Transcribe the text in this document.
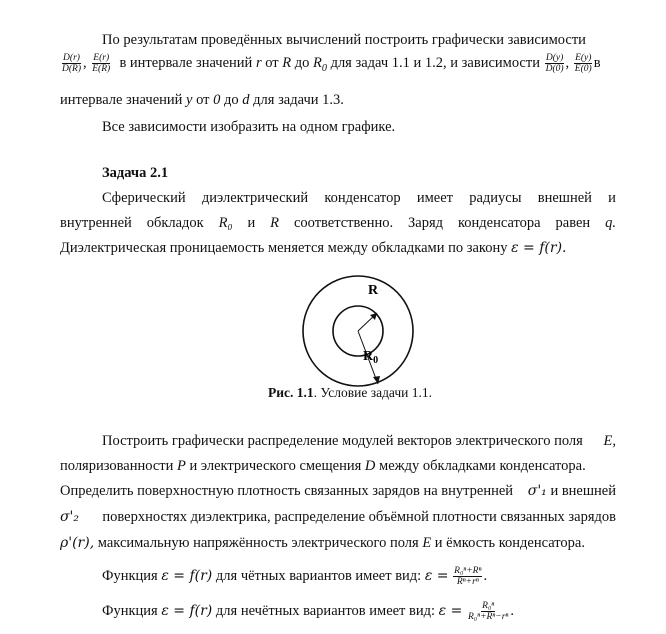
По результатам проведённых вычислений построить графически зависимости
$\frac{D(r)}{D(R)}$ , $\frac{E(r)}{E(R)}$ в интервале значений r от R до $R_0$ для задач 1.1 и 1.2, и зависимости $\frac{D(y)}{D(0)}$ , $\frac{E(y)}{E(0)}$ в
интервале значений y от 0 до d для задачи 1.3.
Все зависимости изобразить на одном графике.
Задача 2.1
Сферический диэлектрический конденсатор имеет радиусы внешней и
внутренней обкладок R₀ и R соответственно. Заряд конденсатора равен q.
Диэлектрическая проницаемость меняется между обкладками по закону ε = f(r).
R
$R_0$
Рис. 1.1. Условие задачи 1.1.
Построить графически распределение модулей векторов электрического поля E,
поляризованности P и электрического смещения D между обкладками конденсатора.
Определить поверхностную плотность связанных зарядов на внутренней σ'₁ и внешней
σ'₂ поверхностях диэлектрика, распределение объёмной плотности связанных зарядов
ρ'(r), максимальную напряжённость электрического поля E и ёмкость конденсатора.
Функция ε = f(r) для чётных вариантов имеет вид: $\varepsilon = \frac{\text{R₀ⁿ+Rⁿ}}{\text{Rⁿ+rⁿ}}$ .
Функция ε = f(r) для нечётных вариантов имеет вид: $\varepsilon = \frac{\text{R₀ⁿ}}{\text{R₀ⁿ+Rⁿ−rⁿ}}$ .
